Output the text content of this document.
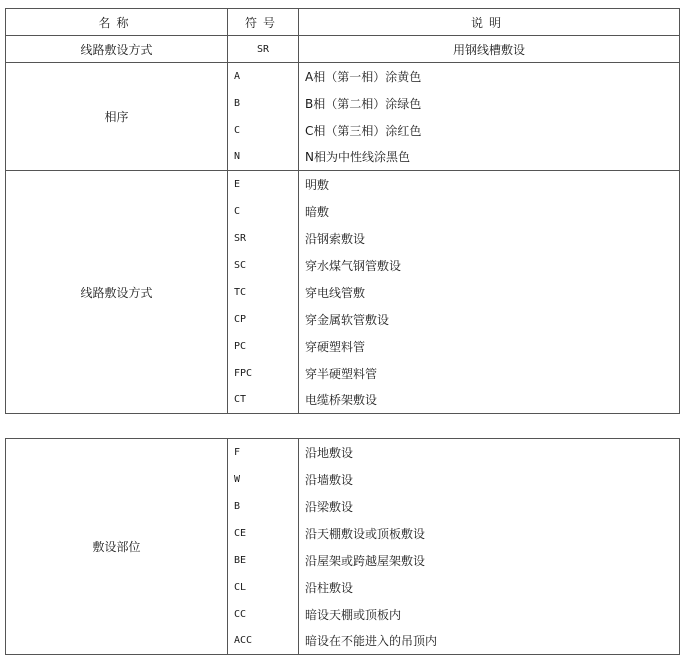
名称	符号	说明
线路敷设方式	SR	用钢线槽敷设
相序	A	A相（第一相）涂黄色
	B	B相（第二相）涂绿色
	C	C相（第三相）涂红色
	N	N相为中性线涂黑色
线路敷设方式	E	明敷
	C	暗敷
	SR	沿钢索敷设
	SC	穿水煤气钢管敷设
	TC	穿电线管敷
	CP	穿金属软管敷设
	PC	穿硬塑料管
	FPC	穿半硬塑料管
	CT	电缆桥架敷设
敷设部位	F	沿地敷设
	W	沿墙敷设
	B	沿梁敷设
	CE	沿天棚敷设或顶板敷设
	BE	沿屋架或跨越屋架敷设
	CL	沿柱敷设
	CC	暗设天棚或顶板内
	ACC	暗设在不能进入的吊顶内
